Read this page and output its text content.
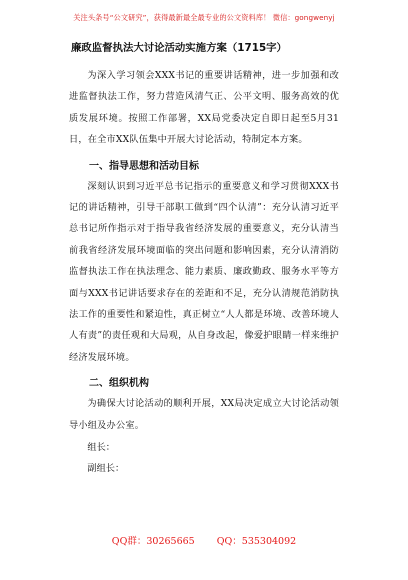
关注头条号“公文研究”，获得最新最全最专业的公文资料库！ 微信：gongwenyj
廉政监督执法大讨论活动实施方案（1715字）

为深入学习领会XXX书记的重要讲话精神，进一步加强和改进监督执法工作，努力营造风清气正、公平文明、服务高效的优质发展环境。按照工作部署，XX局党委决定自即日起至5月31日，在全市XX队伍集中开展大讨论活动，特制定本方案。

一、指导思想和活动目标

深刻认识到习近平总书记指示的重要意义和学习贯彻XXX书记的讲话精神，引导干部职工做到“四个认清”：充分认清习近平总书记所作指示对于指导我省经济发展的重要意义，充分认清当前我省经济发展环境面临的突出问题和影响因素，充分认清消防监督执法工作在执法理念、能力素质、廉政勤政、服务水平等方面与XXX书记讲话要求存在的差距和不足，充分认清规范消防执法工作的重要性和紧迫性，真正树立“人人都是环境、改善环境人人有责”的责任观和大局观，从自身改起，像爱护眼睛一样来维护经济发展环境。

二、组织机构

为确保大讨论活动的顺利开展，XX局决定成立大讨论活动领导小组及办公室。

组长：

副组长：

QQ群：30265665 QQ：535304092
